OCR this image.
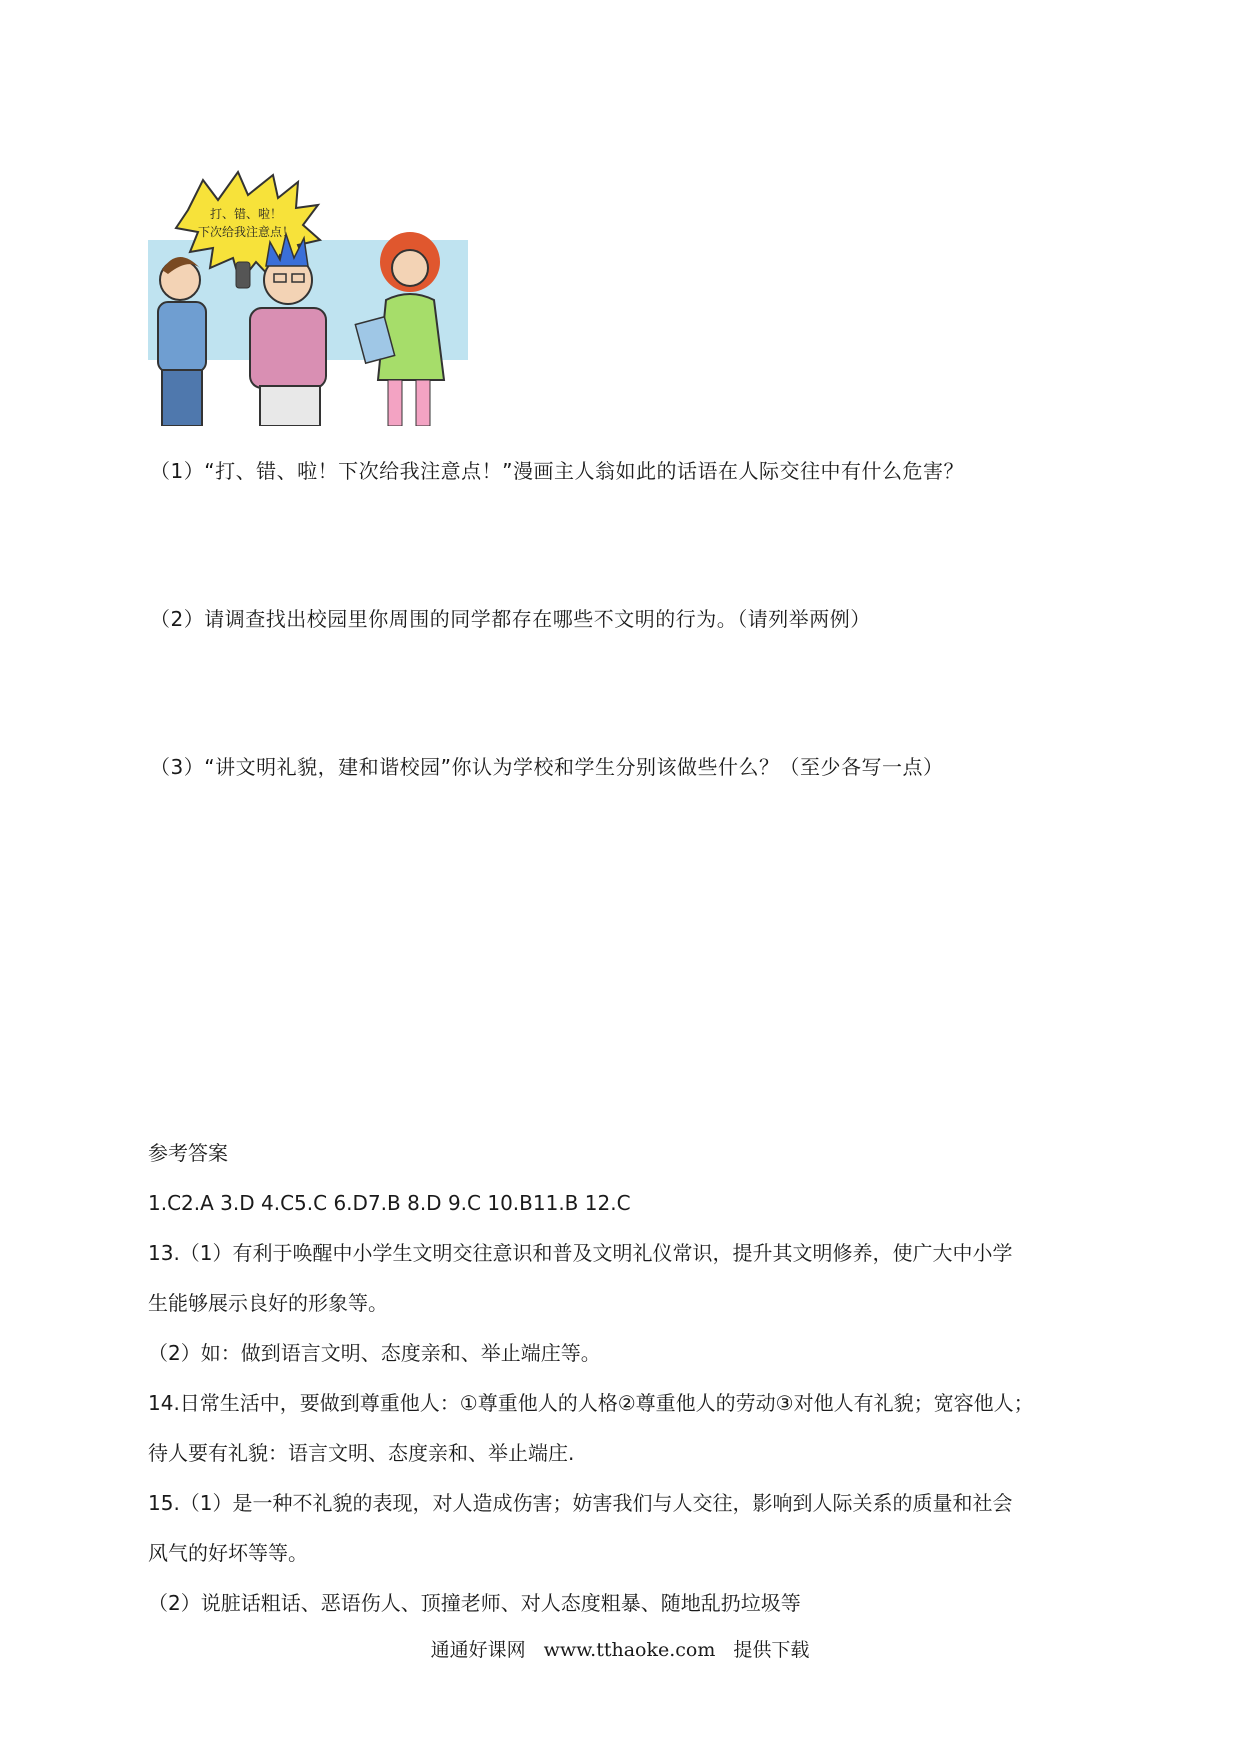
打、错、啦！
下次给我注意点！
（1）“打、错、啦！下次给我注意点！”漫画主人翁如此的话语在人际交往中有什么危害？
（2）请调查找出校园里你周围的同学都存在哪些不文明的行为。（请列举两例）
（3）“讲文明礼貌，建和谐校园”你认为学校和学生分别该做些什么？（至少各写一点）

参考答案

1.C2.A 3.D 4.C5.C 6.D7.B 8.D 9.C 10.B11.B 12.C

13.（1）有利于唤醒中小学生文明交往意识和普及文明礼仪常识，提升其文明修养，使广大中小学

生能够展示良好的形象等。

（2）如：做到语言文明、态度亲和、举止端庄等。

14.日常生活中，要做到尊重他人：①尊重他人的人格②尊重他人的劳动③对他人有礼貌；宽容他人；

待人要有礼貌：语言文明、态度亲和、举止端庄.

15.（1）是一种不礼貌的表现，对人造成伤害；妨害我们与人交往，影响到人际关系的质量和社会

风气的好坏等等。

（2）说脏话粗话、恶语伤人、顶撞老师、对人态度粗暴、随地乱扔垃圾等

通通好课网 www.tthaoke.com 提供下载
